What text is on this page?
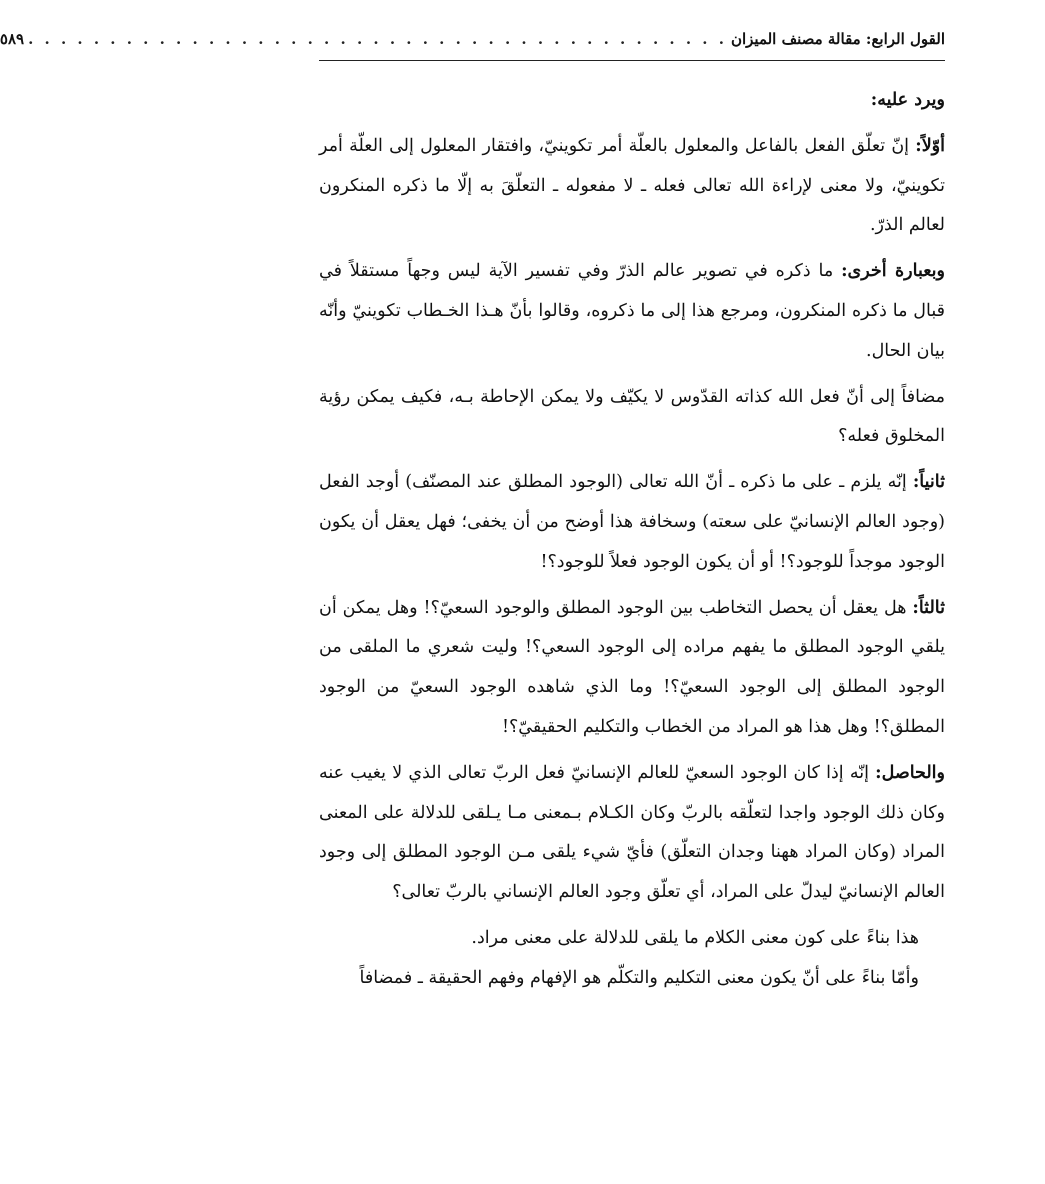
القول الرابع: مقالة مصنف الميزان
. . . . . . . . . . . . . . . . . . . . . . . . . . . . . . . . . . . . . . . . . . .
٥٨٩

ويرد عليه:

أوّلاً: إنّ تعلّق الفعل بالفاعل والمعلول بالعلّة أمر تكوينيّ، وافتقار المعلول إلى العلّة أمر تكوينيّ، ولا معنى لإراءة الله تعالى فعله ـ لا مفعوله ـ التعلّقَ به إلّا ما ذكره المنكرون لعالم الذرّ.

وبعبارة أخرى: ما ذكره في تصوير عالم الذرّ وفي تفسير الآية ليس وجهاً مستقلاً في قبال ما ذكره المنكرون، ومرجع هذا إلى ما ذكروه، وقالوا بأنّ هـذا الخـطاب تكوينيّ وأنّه بيان الحال.

مضافاً إلى أنّ فعل الله كذاته القدّوس لا يكيّف ولا يمكن الإحاطة بـه، فكيف يمكن رؤية المخلوق فعله؟

ثانياً: إنّه يلزم ـ على ما ذكره ـ أنّ الله تعالى (الوجود المطلق عند المصنّف) أوجد الفعل (وجود العالم الإنسانيّ على سعته) وسخافة هذا أوضح من أن يخفى؛ فهل يعقل أن يكون الوجود موجداً للوجود؟! أو أن يكون الوجود فعلاً للوجود؟!

ثالثاً: هل يعقل أن يحصل التخاطب بين الوجود المطلق والوجود السعيّ؟! وهل يمكن أن يلقي الوجود المطلق ما يفهم مراده إلى الوجود السعي؟! وليت شعري ما الملقى من الوجود المطلق إلى الوجود السعيّ؟! وما الذي شاهده الوجود السعيّ من الوجود المطلق؟! وهل هذا هو المراد من الخطاب والتكليم الحقيقيّ؟!

والحاصل: إنّه إذا كان الوجود السعيّ للعالم الإنسانيّ فعل الربّ تعالى الذي لا يغيب عنه وكان ذلك الوجود واجدا لتعلّقه بالربّ وكان الكـلام بـمعنى مـا يـلقى للدلالة على المعنى المراد (وكان المراد ههنا وجدان التعلّق) فأيّ شيء يلقى مـن الوجود المطلق إلى وجود العالم الإنسانيّ ليدلّ على المراد، أي تعلّق وجود العالم الإنساني بالربّ تعالى؟

هذا بناءً على كون معنى الكلام ما يلقى للدلالة على معنى مراد.

وأمّا بناءً على أنّ يكون معنى التكليم والتكلّم هو الإفهام وفهم الحقيقة ـ فمضافاً
